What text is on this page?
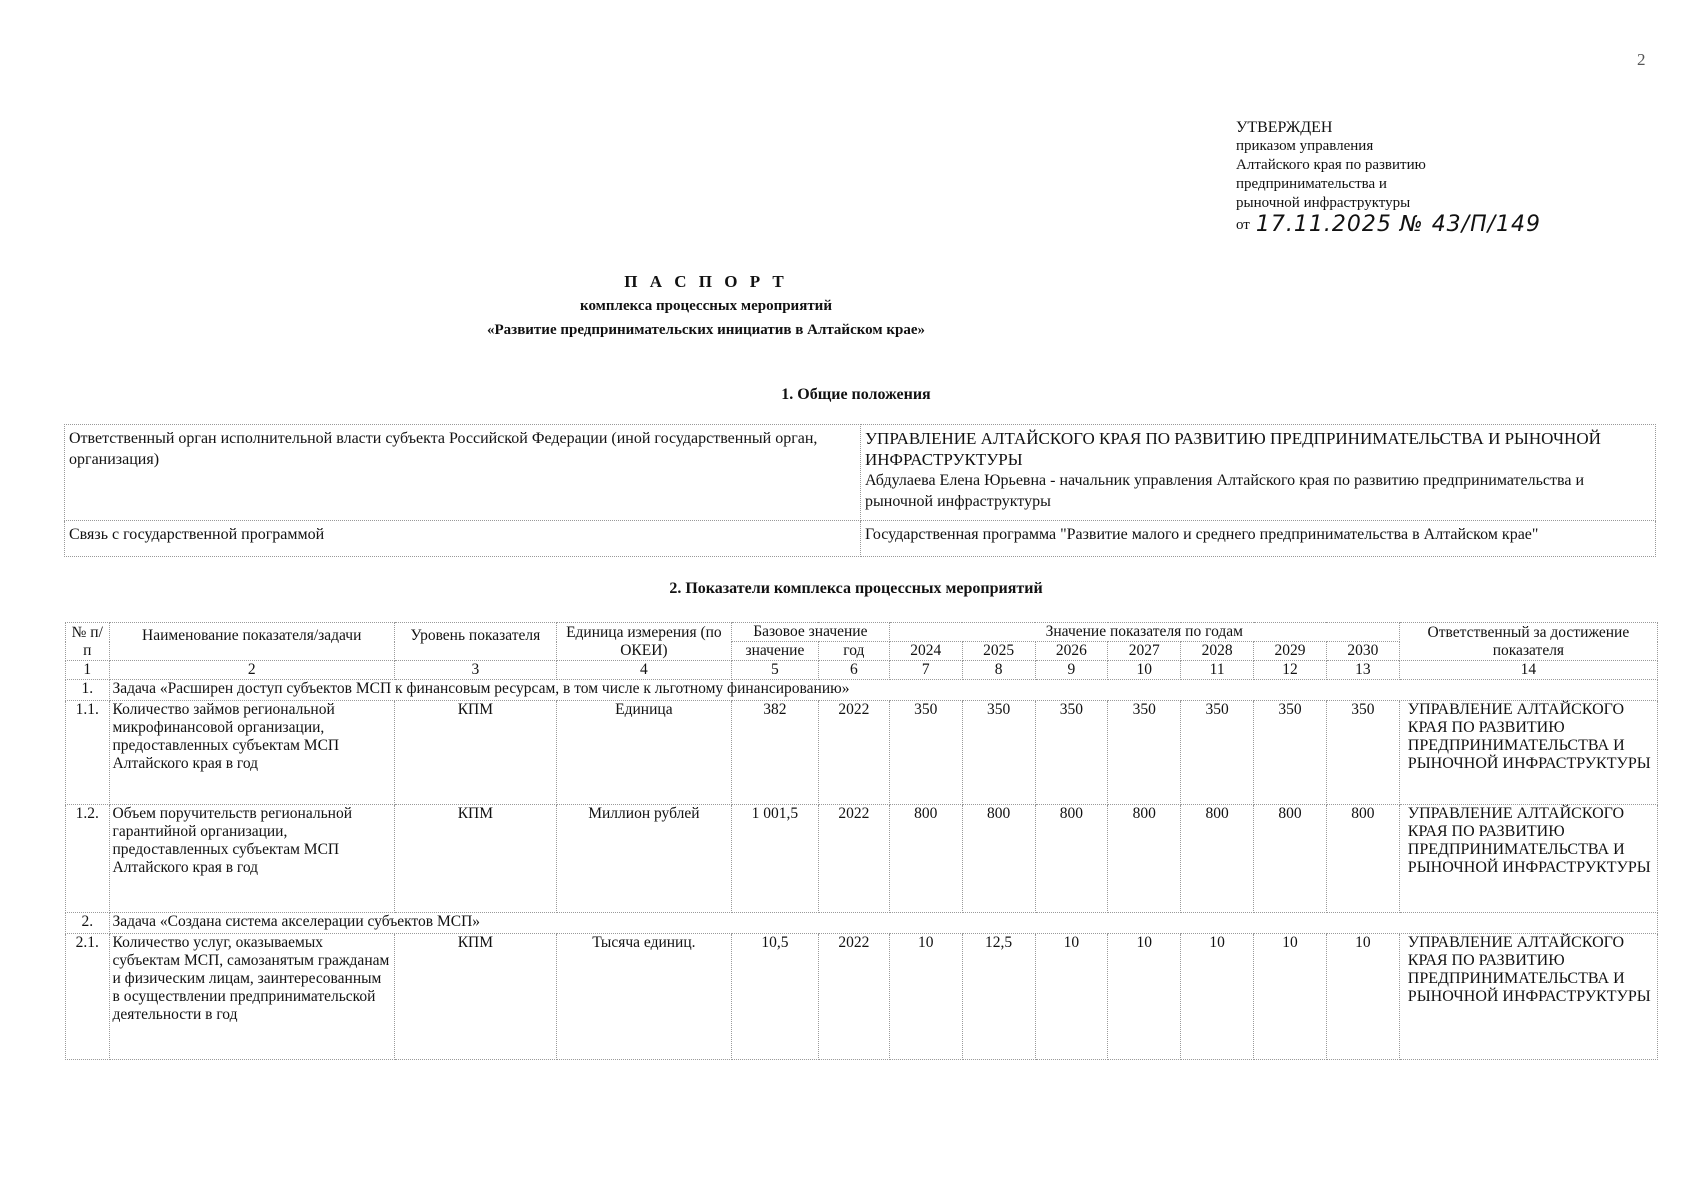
2
УТВЕРЖДЕН
приказом управления
Алтайского края по развитию
предпринимательства и
рыночной инфраструктуры
от 17.11.2025 № 43/П/149
П А С П О Р Т
комплекса процессных мероприятий
«Развитие предпринимательских инициатив в Алтайском крае»
1. Общие положения
Ответственный орган исполнительной власти субъекта Российской Федерации (иной государственный орган, организация)	УПРАВЛЕНИЕ АЛТАЙСКОГО КРАЯ ПО РАЗВИТИЮ ПРЕДПРИНИМАТЕЛЬСТВА И РЫНОЧНОЙ ИНФРАСТРУКТУРЫ
Абдулаева Елена Юрьевна - начальник управления Алтайского края по развитию предпринимательства и рыночной инфраструктуры

Связь с государственной программой	Государственная программа "Развитие малого и среднего предпринимательства в Алтайском крае"
2. Показатели комплекса процессных мероприятий
№ п/п	Наименование показателя/задачи	Уровень показателя	Единица измерения (по ОКЕИ)	Базовое значение		Значение показателя по годам							Ответственный за достижение показателя
				значение	год	2024	2025	2026	2027	2028	2029	2030	
1	2	3	4	5	6	7	8	9	10	11	12	13	14
1.	Задача «Расширен доступ субъектов МСП к финансовым ресурсам, в том числе к льготному финансированию»												
1.1.	Количество займов региональной микрофинансовой организации, предоставленных субъектам МСП Алтайского края в год	КПМ	Единица	382	2022	350	350	350	350	350	350	350	УПРАВЛЕНИЕ АЛТАЙСКОГО КРАЯ ПО РАЗВИТИЮ ПРЕДПРИНИМАТЕЛЬСТВА И РЫНОЧНОЙ ИНФРАСТРУКТУРЫ
1.2.	Объем поручительств региональной гарантийной организации, предоставленных субъектам МСП Алтайского края в год	КПМ	Миллион рублей	1 001,5	2022	800	800	800	800	800	800	800	УПРАВЛЕНИЕ АЛТАЙСКОГО КРАЯ ПО РАЗВИТИЮ ПРЕДПРИНИМАТЕЛЬСТВА И РЫНОЧНОЙ ИНФРАСТРУКТУРЫ
2.	Задача «Создана система акселерации субъектов МСП»												
2.1.	Количество услуг, оказываемых субъектам МСП, самозанятым гражданам и физическим лицам, заинтересованным в осуществлении предпринимательской деятельности в год	КПМ	Тысяча единиц.	10,5	2022	10	12,5	10	10	10	10	10	УПРАВЛЕНИЕ АЛТАЙСКОГО КРАЯ ПО РАЗВИТИЮ ПРЕДПРИНИМАТЕЛЬСТВА И РЫНОЧНОЙ ИНФРАСТРУКТУРЫ
